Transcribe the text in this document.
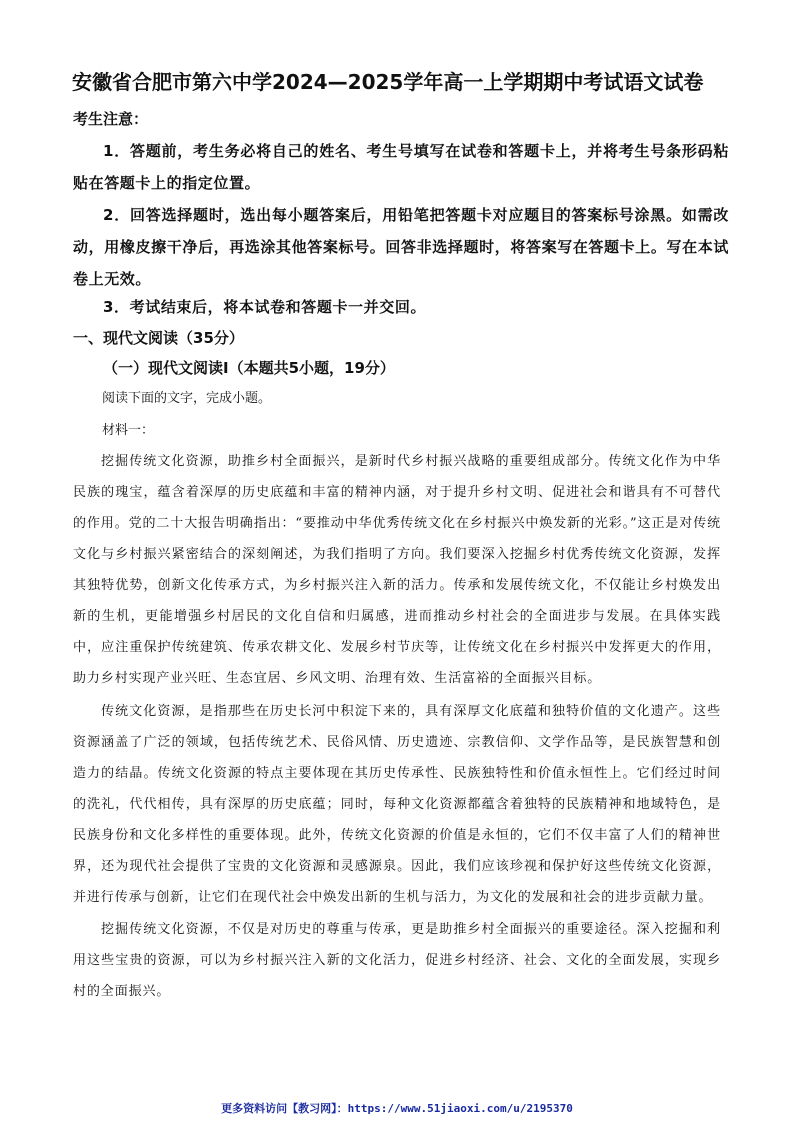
安徽省合肥市第六中学2024—2025学年高一上学期期中考试语文试卷
考生注意：
1．答题前，考生务必将自己的姓名、考生号填写在试卷和答题卡上，并将考生号条形码粘贴在答题卡上的指定位置。
2．回答选择题时，选出每小题答案后，用铅笔把答题卡对应题目的答案标号涂黑。如需改动，用橡皮擦干净后，再选涂其他答案标号。回答非选择题时，将答案写在答题卡上。写在本试卷上无效。
3．考试结束后，将本试卷和答题卡一并交回。
一、现代文阅读（35分）
（一）现代文阅读Ⅰ（本题共5小题，19分）
阅读下面的文字，完成小题。
材料一：
挖掘传统文化资源，助推乡村全面振兴，是新时代乡村振兴战略的重要组成部分。传统文化作为中华民族的瑰宝，蕴含着深厚的历史底蕴和丰富的精神内涵，对于提升乡村文明、促进社会和谐具有不可替代的作用。党的二十大报告明确指出：“要推动中华优秀传统文化在乡村振兴中焕发新的光彩。”这正是对传统文化与乡村振兴紧密结合的深刻阐述，为我们指明了方向。我们要深入挖掘乡村优秀传统文化资源，发挥其独特优势，创新文化传承方式，为乡村振兴注入新的活力。传承和发展传统文化，不仅能让乡村焕发出新的生机，更能增强乡村居民的文化自信和归属感，进而推动乡村社会的全面进步与发展。在具体实践中，应注重保护传统建筑、传承农耕文化、发展乡村节庆等，让传统文化在乡村振兴中发挥更大的作用，助力乡村实现产业兴旺、生态宜居、乡风文明、治理有效、生活富裕的全面振兴目标。
传统文化资源，是指那些在历史长河中积淀下来的，具有深厚文化底蕴和独特价值的文化遗产。这些资源涵盖了广泛的领域，包括传统艺术、民俗风情、历史遗迹、宗教信仰、文学作品等，是民族智慧和创造力的结晶。传统文化资源的特点主要体现在其历史传承性、民族独特性和价值永恒性上。它们经过时间的洗礼，代代相传，具有深厚的历史底蕴；同时，每种文化资源都蕴含着独特的民族精神和地域特色，是民族身份和文化多样性的重要体现。此外，传统文化资源的价值是永恒的，它们不仅丰富了人们的精神世界，还为现代社会提供了宝贵的文化资源和灵感源泉。因此，我们应该珍视和保护好这些传统文化资源，并进行传承与创新，让它们在现代社会中焕发出新的生机与活力，为文化的发展和社会的进步贡献力量。
挖掘传统文化资源，不仅是对历史的尊重与传承，更是助推乡村全面振兴的重要途径。深入挖掘和利用这些宝贵的资源，可以为乡村振兴注入新的文化活力，促进乡村经济、社会、文化的全面发展，实现乡村的全面振兴。
更多资料访问【教习网】：https://www.51jiaoxi.com/u/2195370
